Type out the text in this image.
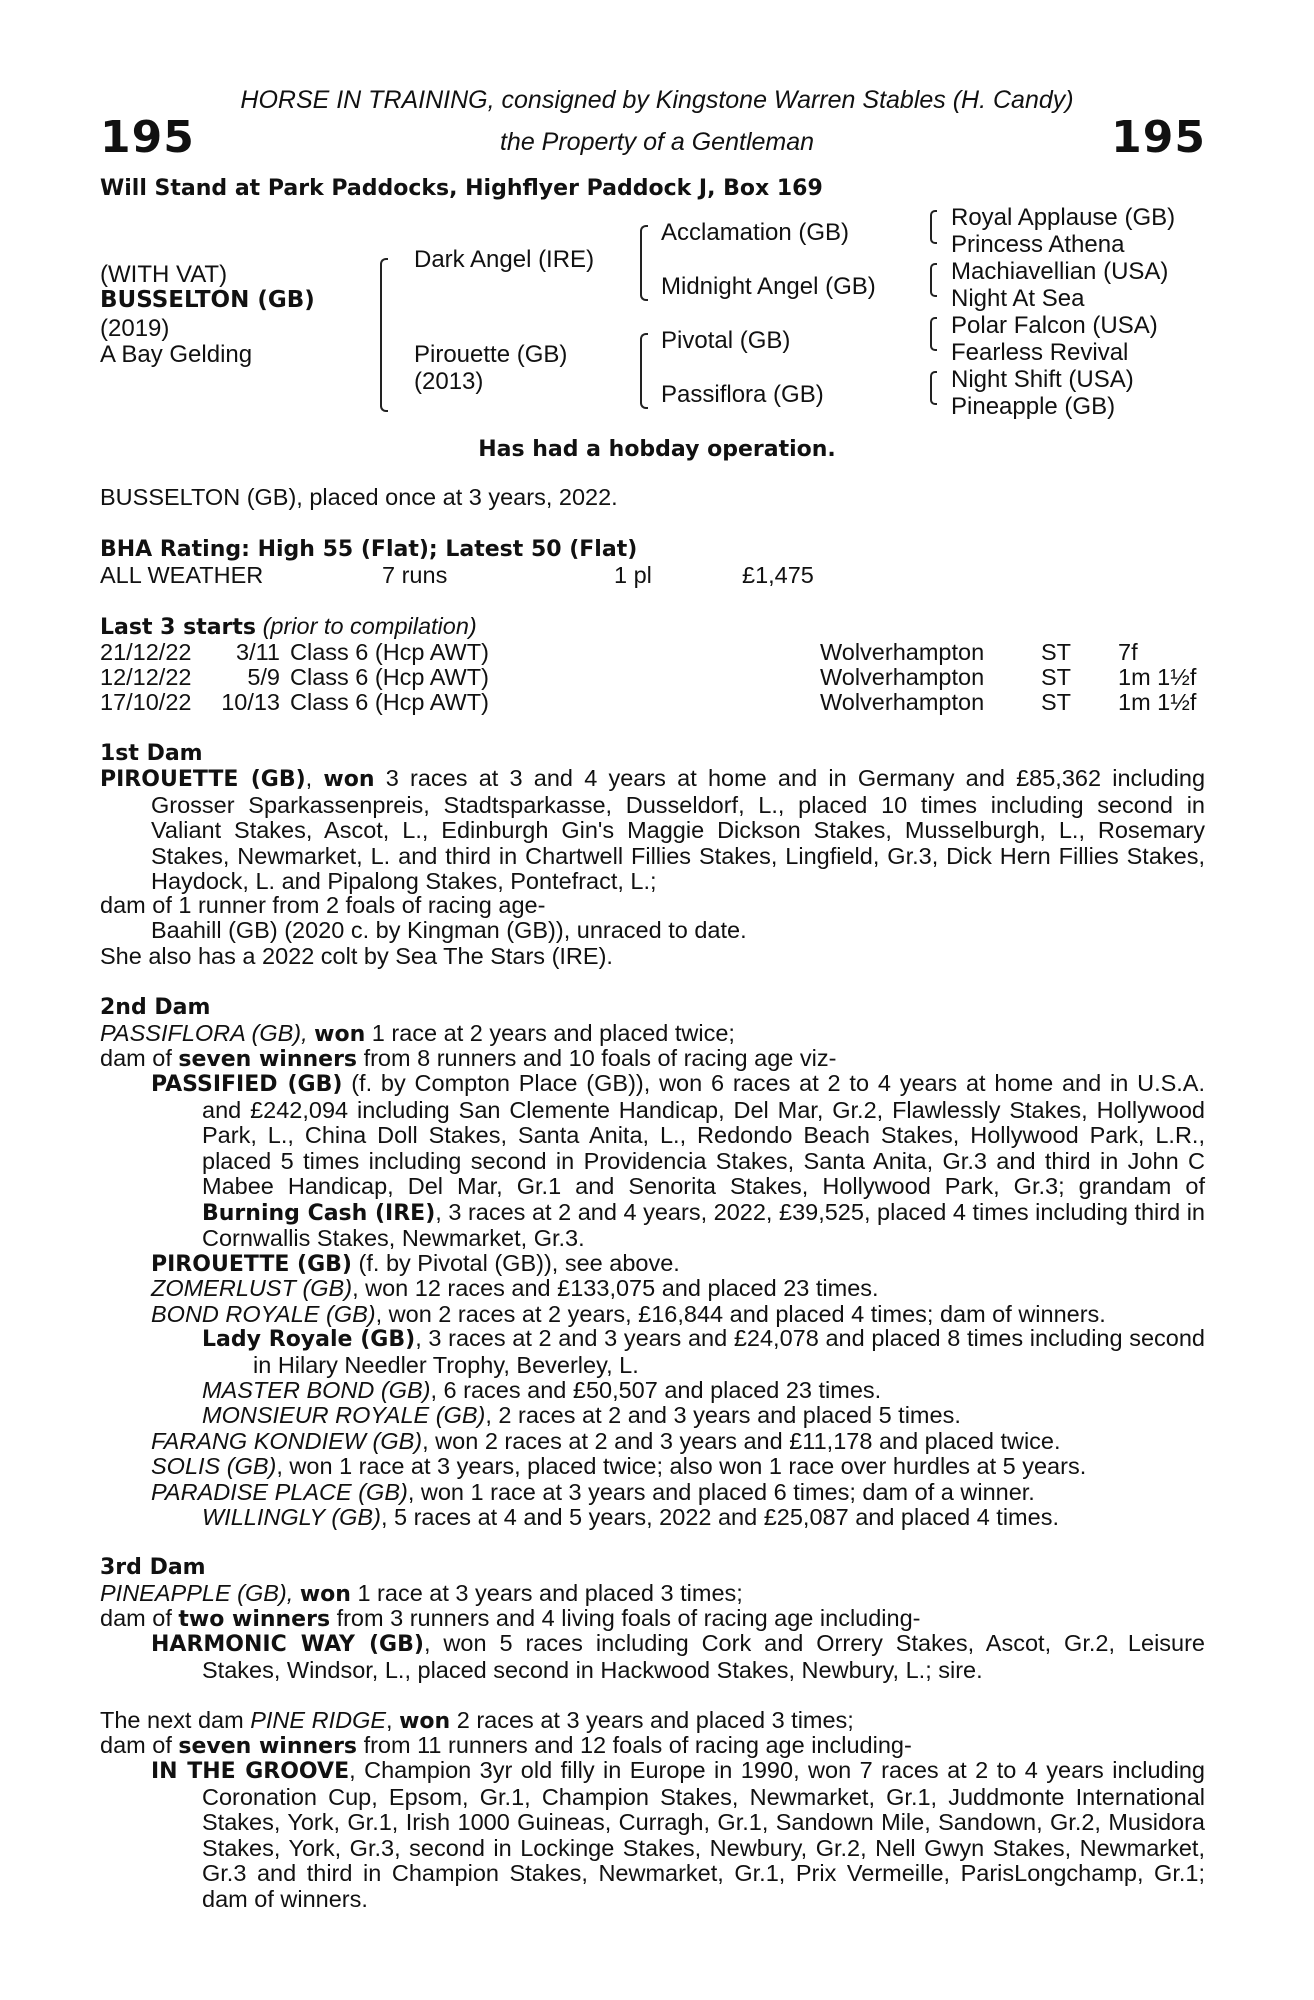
195	195
HORSE IN TRAINING, consigned by Kingstone Warren Stables (H. Candy)
the Property of a Gentleman
Will Stand at Park Paddocks, Highflyer Paddock J, Box 169
(WITH VAT)
BUSSELTON (GB)
(2019)
A Bay Gelding
Dark Angel (IRE)
Pirouette (GB)
(2013)
Acclamation (GB)
Midnight Angel (GB)
Pivotal (GB)
Passiflora (GB)
Royal Applause (GB)
Princess Athena
Machiavellian (USA)
Night At Sea
Polar Falcon (USA)
Fearless Revival
Night Shift (USA)
Pineapple (GB)
Has had a hobday operation.
BUSSELTON (GB), placed once at 3 years, 2022.
BHA Rating: High 55 (Flat); Latest 50 (Flat)
ALL WEATHER	7 runs	1 pl	£1,475
Last 3 starts (prior to compilation)
21/12/22	3/11 Class 6 (Hcp AWT)	Wolverhampton ST 7f
12/12/22	5/9 Class 6 (Hcp AWT)	Wolverhampton ST 1m 1½f
17/10/22	10/13 Class 6 (Hcp AWT)	Wolverhampton ST 1m 1½f
1st Dam
PIROUETTE (GB), won 3 races at 3 and 4 years at home and in Germany and £85,362 including Grosser Sparkassenpreis, Stadtsparkasse, Dusseldorf, L., placed 10 times including second in Valiant Stakes, Ascot, L., Edinburgh Gin's Maggie Dickson Stakes, Musselburgh, L., Rosemary Stakes, Newmarket, L. and third in Chartwell Fillies Stakes, Lingfield, Gr.3, Dick Hern Fillies Stakes, Haydock, L. and Pipalong Stakes, Pontefract, L.;
dam of 1 runner from 2 foals of racing age-
Baahill (GB) (2020 c. by Kingman (GB)), unraced to date.
She also has a 2022 colt by Sea The Stars (IRE).
2nd Dam
PASSIFLORA (GB), won 1 race at 2 years and placed twice;
dam of seven winners from 8 runners and 10 foals of racing age viz-
PASSIFIED (GB) (f. by Compton Place (GB)), won 6 races at 2 to 4 years at home and in U.S.A. and £242,094 including San Clemente Handicap, Del Mar, Gr.2, Flawlessly Stakes, Hollywood Park, L., China Doll Stakes, Santa Anita, L., Redondo Beach Stakes, Hollywood Park, L.R., placed 5 times including second in Providencia Stakes, Santa Anita, Gr.3 and third in John C Mabee Handicap, Del Mar, Gr.1 and Senorita Stakes, Hollywood Park, Gr.3; grandam of Burning Cash (IRE), 3 races at 2 and 4 years, 2022, £39,525, placed 4 times including third in Cornwallis Stakes, Newmarket, Gr.3.
PIROUETTE (GB) (f. by Pivotal (GB)), see above.
ZOMERLUST (GB), won 12 races and £133,075 and placed 23 times.
BOND ROYALE (GB), won 2 races at 2 years, £16,844 and placed 4 times; dam of winners.
Lady Royale (GB), 3 races at 2 and 3 years and £24,078 and placed 8 times including second in Hilary Needler Trophy, Beverley, L.
MASTER BOND (GB), 6 races and £50,507 and placed 23 times.
MONSIEUR ROYALE (GB), 2 races at 2 and 3 years and placed 5 times.
FARANG KONDIEW (GB), won 2 races at 2 and 3 years and £11,178 and placed twice.
SOLIS (GB), won 1 race at 3 years, placed twice; also won 1 race over hurdles at 5 years.
PARADISE PLACE (GB), won 1 race at 3 years and placed 6 times; dam of a winner.
WILLINGLY (GB), 5 races at 4 and 5 years, 2022 and £25,087 and placed 4 times.
3rd Dam
PINEAPPLE (GB), won 1 race at 3 years and placed 3 times;
dam of two winners from 3 runners and 4 living foals of racing age including-
HARMONIC WAY (GB), won 5 races including Cork and Orrery Stakes, Ascot, Gr.2, Leisure Stakes, Windsor, L., placed second in Hackwood Stakes, Newbury, L.; sire.
The next dam PINE RIDGE, won 2 races at 3 years and placed 3 times;
dam of seven winners from 11 runners and 12 foals of racing age including-
IN THE GROOVE, Champion 3yr old filly in Europe in 1990, won 7 races at 2 to 4 years including Coronation Cup, Epsom, Gr.1, Champion Stakes, Newmarket, Gr.1, Juddmonte International Stakes, York, Gr.1, Irish 1000 Guineas, Curragh, Gr.1, Sandown Mile, Sandown, Gr.2, Musidora Stakes, York, Gr.3, second in Lockinge Stakes, Newbury, Gr.2, Nell Gwyn Stakes, Newmarket, Gr.3 and third in Champion Stakes, Newmarket, Gr.1, Prix Vermeille, ParisLongchamp, Gr.1; dam of winners.
